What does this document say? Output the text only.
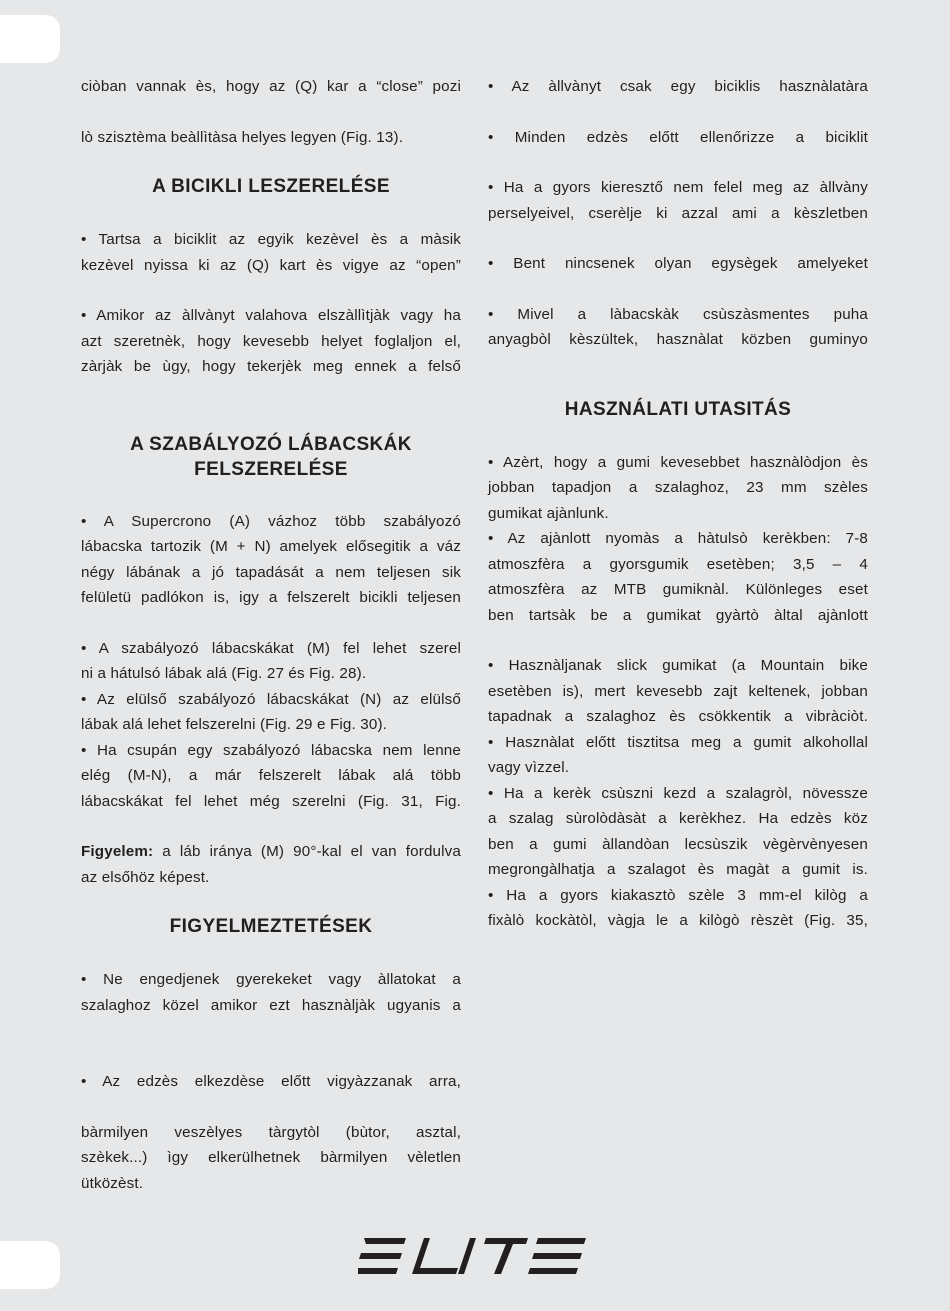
ciòban vannak ès, hogy az (Q) kar a “close” pozi

lò szisztèma beàllìtàsa helyes legyen (Fig. 13).

A BICIKLI LESZERELÉSE

• Tartsa a biciklit az egyik kezèvel ès a màsik

kezèvel nyissa ki az (Q) kart ès vigye az “open”

• Amikor az àllvànyt valahova elszàllìtjàk vagy ha

azt szeretnèk, hogy kevesebb helyet foglaljon el,

zàrjàk be ùgy, hogy tekerjèk meg ennek a felső

A SZABÁLYOZÓ LÁBACSKÁK
FELSZERELÉSE

• A Supercrono (A) vázhoz több szabályozó

lábacska tartozik (M + N) amelyek elősegitik a váz

négy lábának a jó tapadását a nem teljesen sik

felületü padlókon is, igy a felszerelt bicikli teljesen

• A szabályozó lábacskákat (M) fel lehet szerel

ni a hátulsó lábak alá (Fig. 27 és Fig. 28).

• Az elülső szabályozó lábacskákat (N) az elülső

lábak alá lehet felszerelni (Fig. 29 e Fig. 30).

• Ha csupán egy szabályozó lábacska nem lenne

elég (M-N), a már felszerelt lábak alá több

lábacskákat fel lehet még szerelni (Fig. 31, Fig.

Figyelem: a láb iránya (M) 90°-kal el van fordulva

az elsőhöz képest.

FIGYELMEZTETÉSEK

• Ne engedjenek gyerekeket vagy àllatokat a

szalaghoz közel amikor ezt hasznàljàk ugyanis a

• Az edzès elkezdèse előtt vigyàzzanak arra,

bàrmilyen veszèlyes tàrgytòl (bùtor, asztal,

szèkek...) ìgy elkerülhetnek bàrmilyen vèletlen

ütközèst.

• Az àllvànyt csak egy biciklis hasznàlatàra

• Minden edzès előtt ellenőrizze a biciklit

• Ha a gyors kieresztő nem felel meg az àllvàny

perselyeivel, cserèlje ki azzal ami a kèszletben

• Bent nincsenek olyan egysègek amelyeket

• Mivel a làbacskàk csùszàsmentes puha

anyagbòl kèszültek, hasznàlat közben guminyo

HASZNÁLATI UTASITÁS

• Azèrt, hogy a gumi kevesebbet hasznàlòdjon ès

jobban tapadjon a szalaghoz, 23 mm szèles

gumikat ajànlunk.

• Az ajànlott nyomàs a hàtulsò kerèkben: 7-8

atmoszfèra a gyorsgumik esetèben; 3,5 – 4

atmoszfèra az MTB gumiknàl. Különleges eset

ben tartsàk be a gumikat gyàrtò àltal ajànlott

• Hasznàljanak slick gumikat (a Mountain bike

esetèben is), mert kevesebb zajt keltenek, jobban

tapadnak a szalaghoz ès csökkentik a vibràciòt.

• Hasznàlat előtt tisztitsa meg a gumit alkohollal

vagy vìzzel.

• Ha a kerèk csùszni kezd a szalagròl, növessze

a szalag sùrolòdàsàt a kerèkhez. Ha edzès köz

ben a gumi àllandòan lecsùszik vègèrvènyesen

megrongàlhatja a szalagot ès magàt a gumit is.

• Ha a gyors kiakasztò szèle 3 mm-el kilòg a

fixàlò kockàtòl, vàgja le a kilògò rèszèt (Fig. 35,
